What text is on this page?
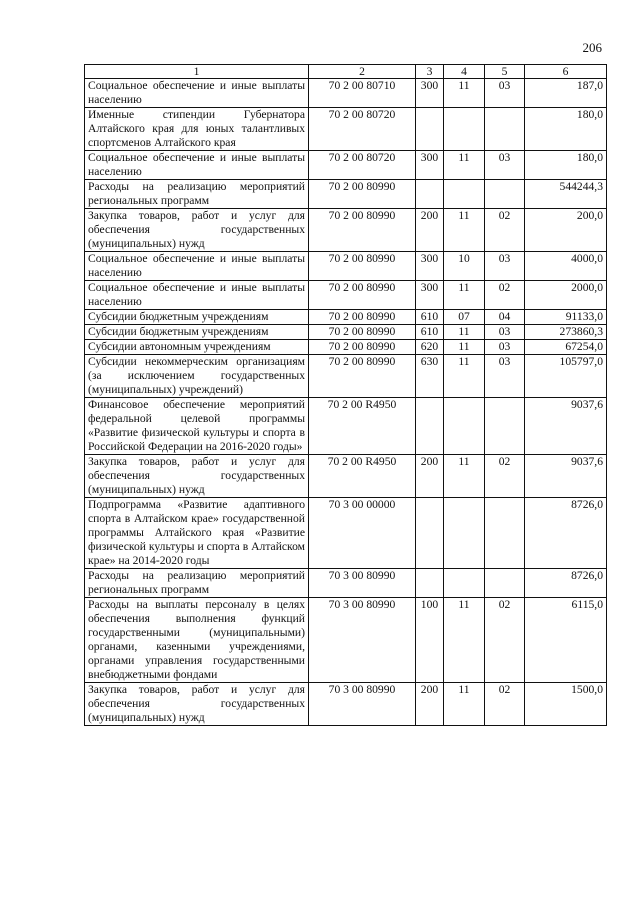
206
1	2	3	4	5	6
Социальное обеспечение и иные выплаты населению	70 2 00 80710	300	11	03	187,0
Именные стипендии Губернатора Алтайского края для юных талантливых спортсменов Алтайского края	70 2 00 80720				180,0
Социальное обеспечение и иные выплаты населению	70 2 00 80720	300	11	03	180,0
Расходы на реализацию мероприятий региональных программ	70 2 00 80990				544244,3
Закупка товаров, работ и услуг для обеспечения государственных (муниципальных) нужд	70 2 00 80990	200	11	02	200,0
Социальное обеспечение и иные выплаты населению	70 2 00 80990	300	10	03	4000,0
Социальное обеспечение и иные выплаты населению	70 2 00 80990	300	11	02	2000,0
Субсидии бюджетным учреждениям	70 2 00 80990	610	07	04	91133,0
Субсидии бюджетным учреждениям	70 2 00 80990	610	11	03	273860,3
Субсидии автономным учреждениям	70 2 00 80990	620	11	03	67254,0
Субсидии некоммерческим организациям (за исключением государственных (муниципальных) учреждений)	70 2 00 80990	630	11	03	105797,0
Финансовое обеспечение мероприятий федеральной целевой программы «Развитие физической культуры и спорта в Российской Федерации на 2016-2020 годы»	70 2 00 R4950				9037,6
Закупка товаров, работ и услуг для обеспечения государственных (муниципальных) нужд	70 2 00 R4950	200	11	02	9037,6
Подпрограмма «Развитие адаптивного спорта в Алтайском крае» государственной программы Алтайского края «Развитие физической культуры и спорта в Алтайском крае» на 2014-2020 годы	70 3 00 00000				8726,0
Расходы на реализацию мероприятий региональных программ	70 3 00 80990				8726,0
Расходы на выплаты персоналу в целях обеспечения выполнения функций государственными (муниципальными) органами, казенными учреждениями, органами управления государственными внебюджетными фондами	70 3 00 80990	100	11	02	6115,0
Закупка товаров, работ и услуг для обеспечения государственных (муниципальных) нужд	70 3 00 80990	200	11	02	1500,0
